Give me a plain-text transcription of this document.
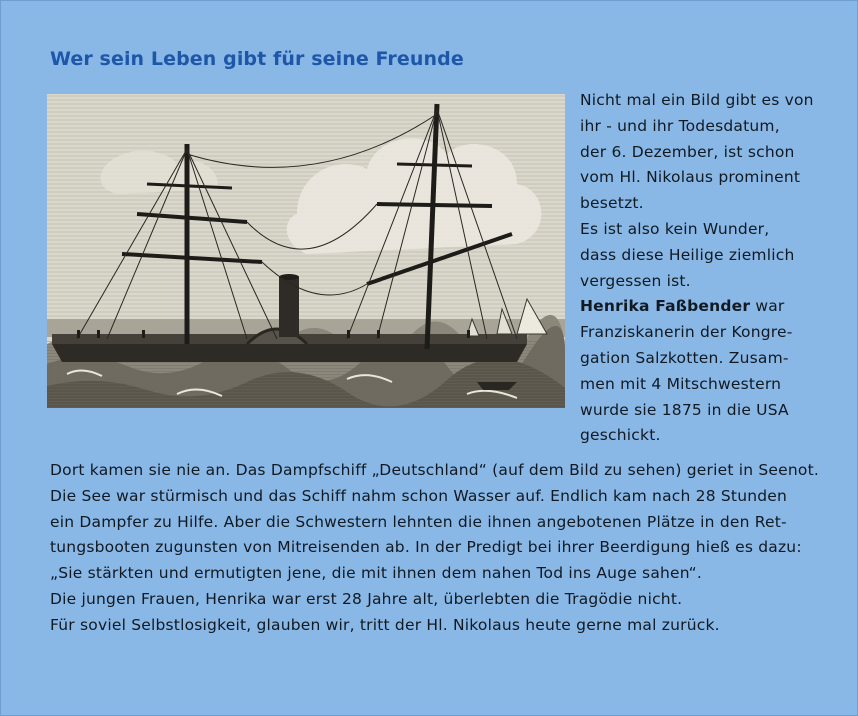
Wer sein Leben gibt für seine Freunde
Nicht mal ein Bild gibt es von
ihr - und ihr Todesdatum,
der 6. Dezember, ist schon
vom Hl. Nikolaus prominent
besetzt.
Es ist also kein Wunder,
dass diese Heilige ziemlich
vergessen ist.
Henrika Faßbender war
Franziskanerin der Kongre-
gation Salzkotten. Zusam-
men mit 4 Mitschwestern
wurde sie 1875 in die USA
geschickt.
Dort kamen sie nie an. Das Dampfschiff „Deutschland“ (auf dem Bild zu sehen) geriet in Seenot.
Die See war stürmisch und das Schiff nahm schon Wasser auf. Endlich kam nach 28 Stunden
ein Dampfer zu Hilfe. Aber die Schwestern lehnten die ihnen angebotenen Plätze in den Ret-
tungsbooten zugunsten von Mitreisenden ab. In der Predigt bei ihrer Beerdigung hieß es dazu:
„Sie stärkten und ermutigten jene, die mit ihnen dem nahen Tod ins Auge sahen“.
Die jungen Frauen, Henrika war erst 28 Jahre alt, überlebten die Tragödie nicht.
Für soviel Selbstlosigkeit, glauben wir, tritt der Hl. Nikolaus heute gerne mal zurück.
